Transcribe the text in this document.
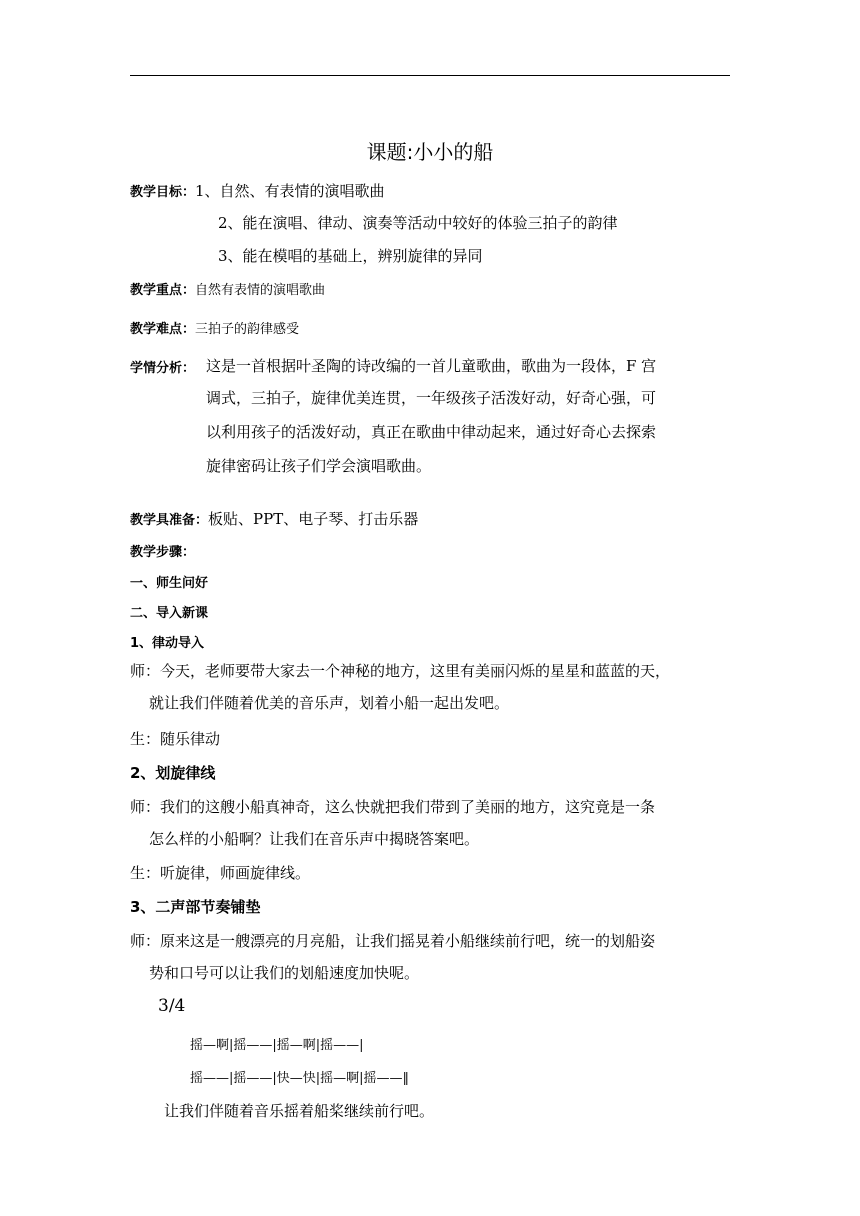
课题:小小的船
教学目标：1、自然、有表情的演唱歌曲
2、能在演唱、律动、演奏等活动中较好的体验三拍子的韵律
3、能在模唱的基础上，辨别旋律的异同
教学重点：自然有表情的演唱歌曲
教学难点：三拍子的韵律感受
学情分析： 这是一首根据叶圣陶的诗改编的一首儿童歌曲，歌曲为一段体，F 宫
调式，三拍子，旋律优美连贯，一年级孩子活泼好动，好奇心强，可
以利用孩子的活泼好动，真正在歌曲中律动起来，通过好奇心去探索
旋律密码让孩子们学会演唱歌曲。
教学具准备：板贴、PPT、电子琴、打击乐器
教学步骤：
一、师生问好
二、导入新课
1、律动导入
师：今天，老师要带大家去一个神秘的地方，这里有美丽闪烁的星星和蓝蓝的天，
就让我们伴随着优美的音乐声，划着小船一起出发吧。
生：随乐律动
2、划旋律线
师：我们的这艘小船真神奇，这么快就把我们带到了美丽的地方，这究竟是一条
怎么样的小船啊？让我们在音乐声中揭晓答案吧。
生：听旋律，师画旋律线。
3、二声部节奏铺垫
师：原来这是一艘漂亮的月亮船，让我们摇晃着小船继续前行吧，统一的划船姿
势和口号可以让我们的划船速度加快呢。
3/4
摇—啊|摇——|摇—啊|摇——|
摇——|摇——|快—快|摇—啊|摇——‖
让我们伴随着音乐摇着船桨继续前行吧。
